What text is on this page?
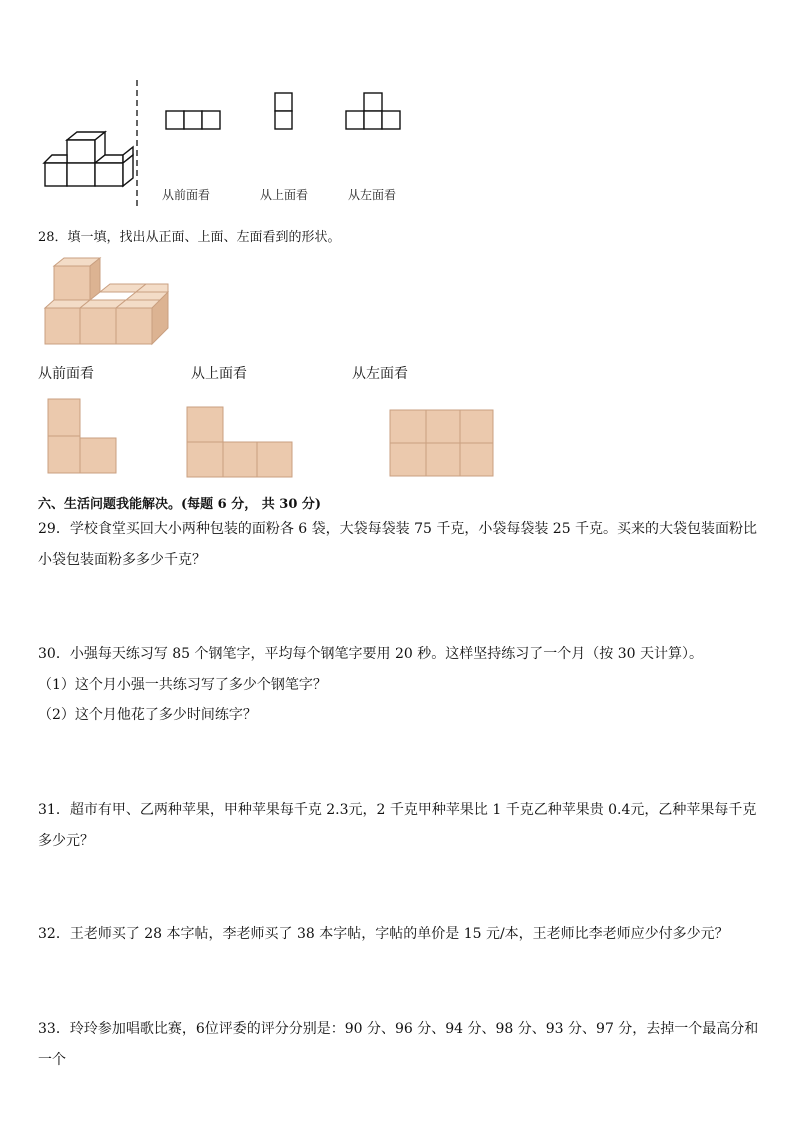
从前面看	从上面看	从左面看
28．填一填，找出从正面、上面、左面看到的形状。
从前面看	从上面看	从左面看
六、生活问题我能解决。(每题 6 分， 共 30 分)
29．学校食堂买回大小两种包装的面粉各 6 袋，大袋每袋装 75 千克，小袋每袋装 25 千克。买来的大袋包装面粉比小袋包装面粉多多少千克？
30．小强每天练习写 85 个钢笔字，平均每个钢笔字要用 20 秒。这样坚持练习了一个月（按 30 天计算）。
（1）这个月小强一共练习写了多少个钢笔字？
（2）这个月他花了多少时间练字？
31．超市有甲、乙两种苹果，甲种苹果每千克 2.3元，2 千克甲种苹果比 1 千克乙种苹果贵 0.4元，乙种苹果每千克多少元？
32．王老师买了 28 本字帖，李老师买了 38 本字帖，字帖的单价是 15 元/本，王老师比李老师应少付多少元？
33．玲玲参加唱歌比赛，6位评委的评分分别是：90 分、96 分、94 分、98 分、93 分、97 分，去掉一个最高分和一个
